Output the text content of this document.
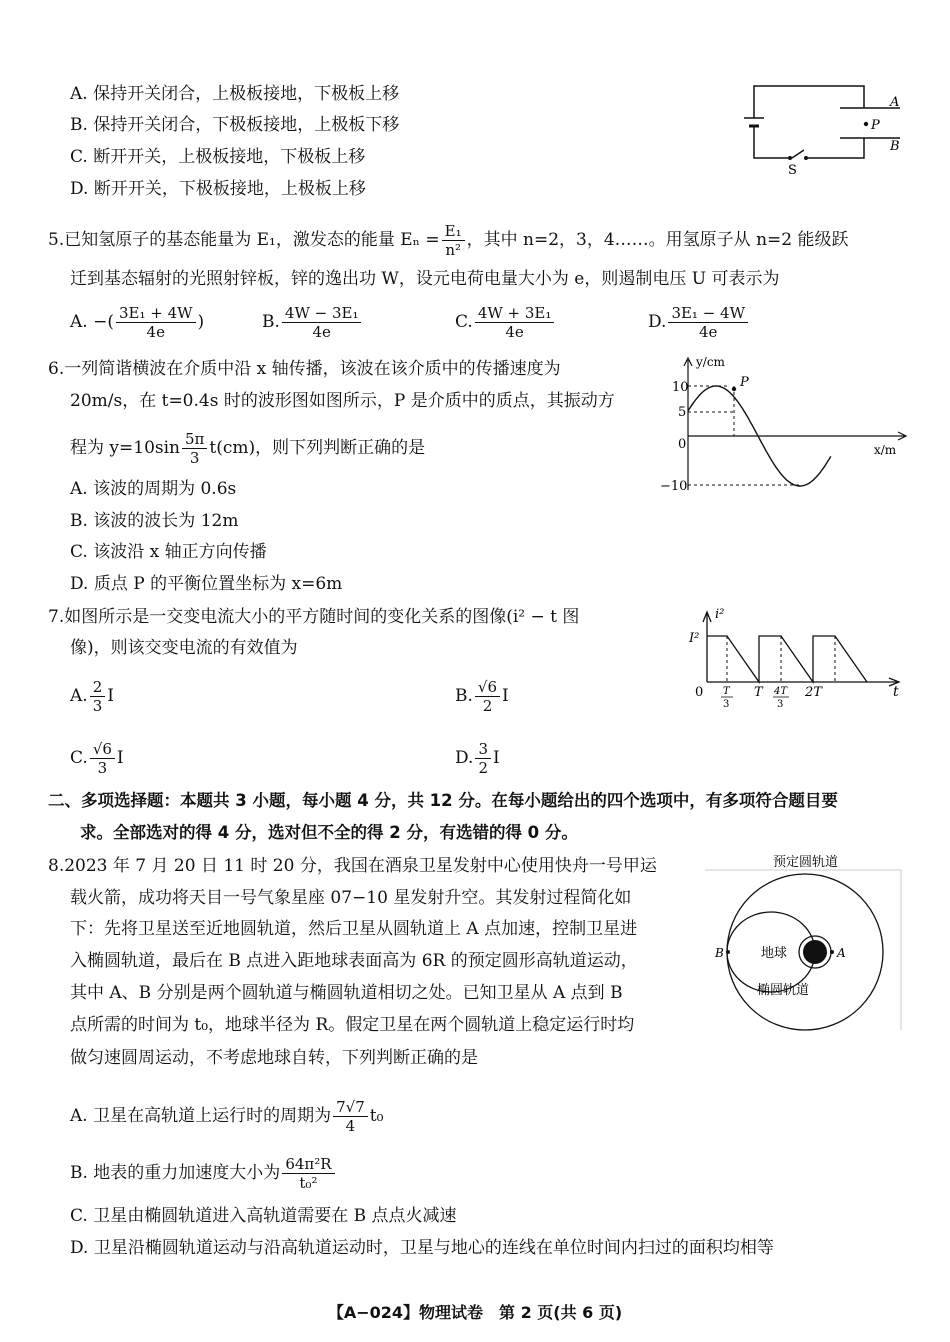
A. 保持开关闭合，上极板接地，下极板上移
B. 保持开关闭合，下极板接地，上极板下移
C. 断开开关，上极板接地，下极板上移
D. 断开开关，下极板接地，上极板上移
A
P
B
S
5.已知氢原子的基态能量为 E₁，激发态的能量 $E_n = \frac{\text{E₁}}{\text{n²}}$ ，其中 n=2，3，4……。用氢原子从 n=2 能级跃
迁到基态辐射的光照射锌板，锌的逸出功 W，设元电荷电量大小为 e，则遏制电压 U 可表示为
A. −( $\frac{\text{3E₁ + 4W}}{4e}$ )	B. $\frac{\text{4W − 3E₁}}{4e}$	C. $\frac{\text{4W + 3E₁}}{4e}$	D. $\frac{\text{3E₁ − 4W}}{4e}$
6.一列简谐横波在介质中沿 x 轴传播，该波在该介质中的传播速度为
20m/s，在 t=0.4s 时的波形图如图所示，P 是介质中的质点，其振动方
程为 $y=10\sin \frac{5\pi}{3} t(cm)$，则下列判断正确的是
A. 该波的周期为 0.6s
B. 该波的波长为 12m
C. 该波沿 x 轴正方向传播
D. 质点 P 的平衡位置坐标为 x=6m
y/cm
x/m
10
5
0
−10
P
7.如图所示是一交变电流大小的平方随时间的变化关系的图像(i² − t 图
像)，则该交变电流的有效值为
A. $\frac{2}{3}$ I	B. $\frac{√6}{2}$ I
C. $\frac{√6}{3}$ I	D. $\frac{3}{2}$ I
i²
t
I²
0 T
3
T 4T
3
2T
二、多项选择题：本题共 3 小题，每小题 4 分，共 12 分。在每小题给出的四个选项中，有多项符合题目要
求。全部选对的得 4 分，选对但不全的得 2 分，有选错的得 0 分。
8.2023 年 7 月 20 日 11 时 20 分，我国在酒泉卫星发射中心使用快舟一号甲运
载火箭，成功将天目一号气象星座 07−10 星发射升空。其发射过程简化如
下：先将卫星送至近地圆轨道，然后卫星从圆轨道上 A 点加速，控制卫星进
入椭圆轨道，最后在 B 点进入距地球表面高为 6R 的预定圆形高轨道运动，
其中 A、B 分别是两个圆轨道与椭圆轨道相切之处。已知卫星从 A 点到 B
点所需的时间为 t₀，地球半径为 R。假定卫星在两个圆轨道上稳定运行时均
做匀速圆周运动，不考虑地球自转，下列判断正确的是
A. 卫星在高轨道上运行时的周期为 $\frac{7√7}{4} t_0$
B. 地表的重力加速度大小为 $\frac{\text{64π²R}}{\text{t₀²}}$
C. 卫星由椭圆轨道进入高轨道需要在 B 点点火减速
D. 卫星沿椭圆轨道运动与沿高轨道运动时，卫星与地心的连线在单位时间内扫过的面积均相等
预定圆轨道
A
B	地球
椭圆轨道
【A−024】物理试卷　第 2 页(共 6 页)
